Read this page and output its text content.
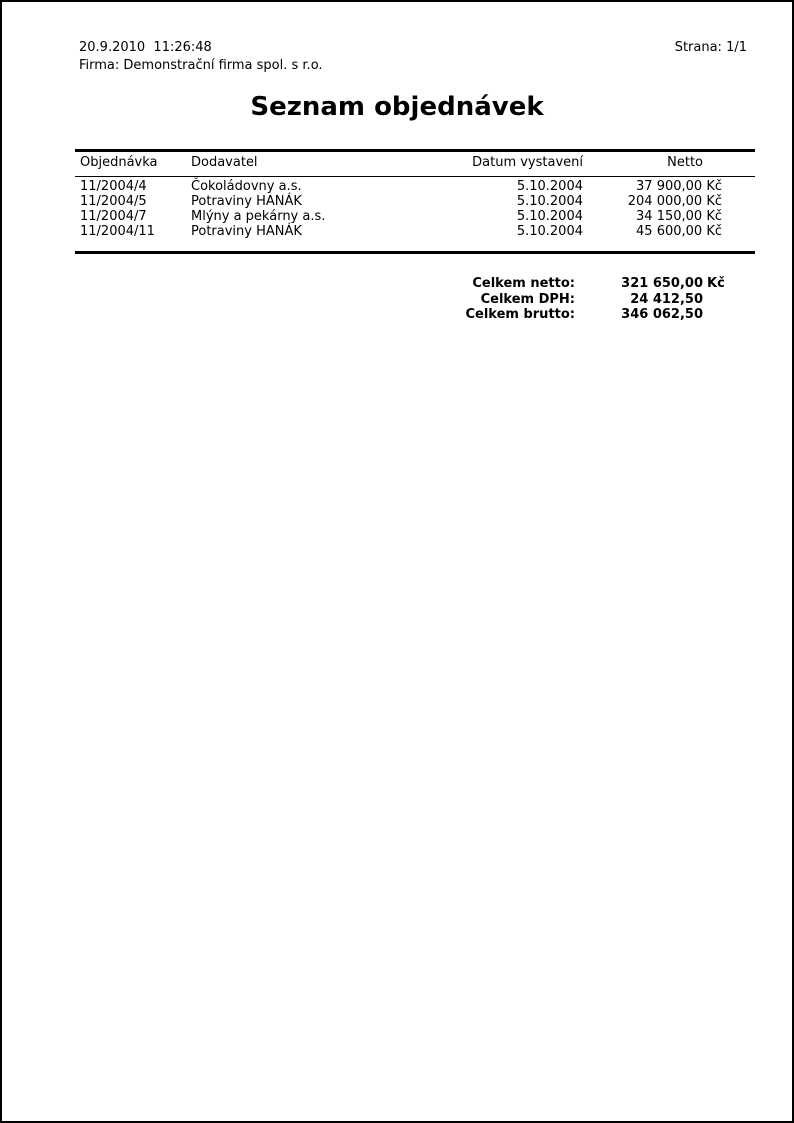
20.9.2010  11:26:48
Firma: Demonstrační firma spol. s r.o.
Strana: 1/1
Seznam objednávek
Objednávka	Dodavatel	Datum vystavení	Netto
11/2004/4	Čokoládovny a.s.	5.10.2004	37 900,00 Kč
11/2004/5	Potraviny HANÁK	5.10.2004	204 000,00 Kč
11/2004/7	Mlýny a pekárny a.s.	5.10.2004	34 150,00 Kč
11/2004/11	Potraviny HANÁK	5.10.2004	45 600,00 Kč
Celkem netto:	321 650,00 Kč
Celkem DPH:	24 412,50
Celkem brutto:	346 062,50
